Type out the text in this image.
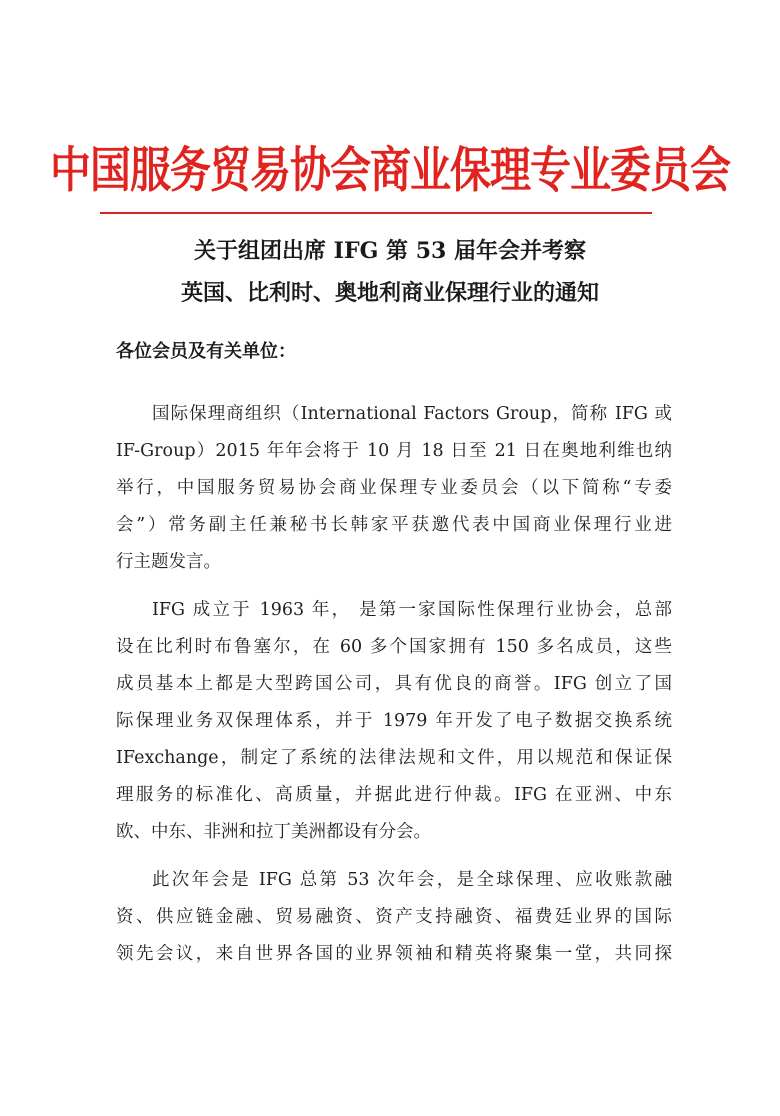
中国服务贸易协会商业保理专业委员会
关于组团出席 IFG 第 53 届年会并考察
英国、比利时、奥地利商业保理行业的通知
各位会员及有关单位：
国际保理商组织（International Factors Group，简称 IFG 或
IF-Group）2015 年年会将于 10 月 18 日至 21 日在奥地利维也纳
举行，中国服务贸易协会商业保理专业委员会（以下简称“专委
会”）常务副主任兼秘书长韩家平获邀代表中国商业保理行业进
行主题发言。
IFG 成立于 1963 年， 是第一家国际性保理行业协会，总部
设在比利时布鲁塞尔，在 60 多个国家拥有 150 多名成员，这些
成员基本上都是大型跨国公司，具有优良的商誉。IFG 创立了国
际保理业务双保理体系，并于 1979 年开发了电子数据交换系统
IFexchange，制定了系统的法律法规和文件，用以规范和保证保
理服务的标准化、高质量，并据此进行仲裁。IFG 在亚洲、中东
欧、中东、非洲和拉丁美洲都设有分会。
此次年会是 IFG 总第 53 次年会，是全球保理、应收账款融
资、供应链金融、贸易融资、资产支持融资、福费廷业界的国际
领先会议，来自世界各国的业界领袖和精英将聚集一堂，共同探
